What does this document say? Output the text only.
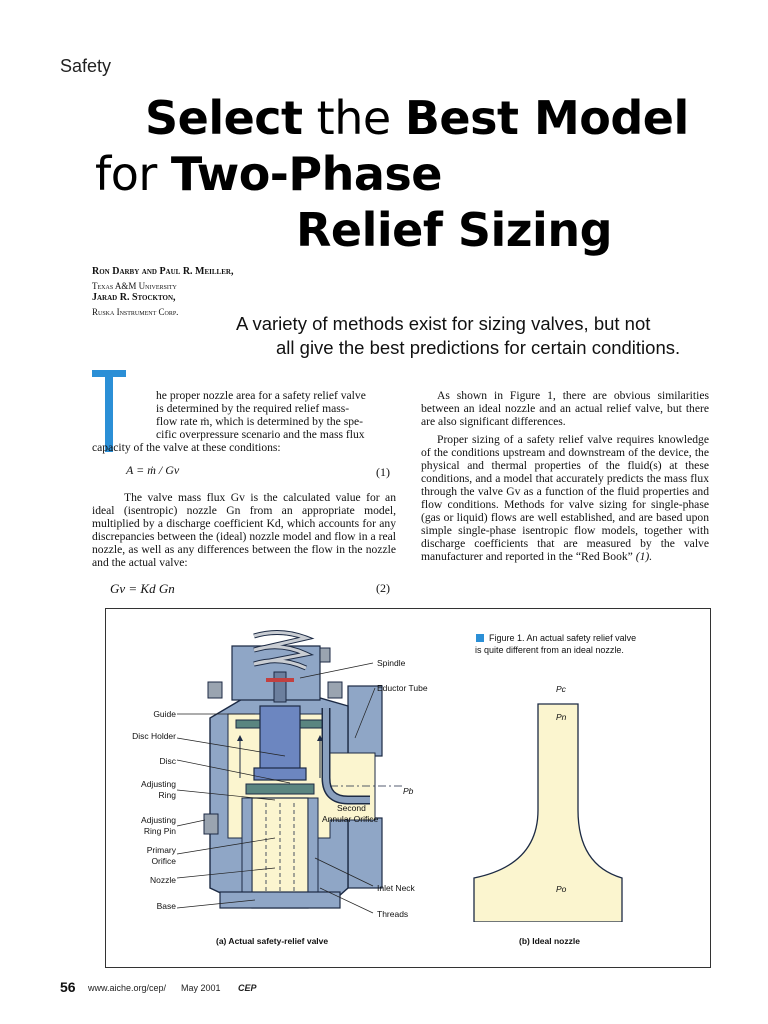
Safety
Select the Best Model
for Two-Phase
Relief Sizing
Ron Darby and Paul R. Meiller,
Texas A&M University
Jarad R. Stockton,
Ruska Instrument Corp.
A variety of methods exist for sizing valves, but not
all give the best predictions for certain conditions.
he proper nozzle area for a safety relief valve
is determined by the required relief mass-
flow rate ṁ, which is determined by the spe-
cific overpressure scenario and the mass flux
capacity of the valve at these conditions:
A = ṁ / Gv	(1)
The valve mass flux Gv is the calculated value for an ideal (isentropic) nozzle Gn from an appropriate model, multiplied by a discharge coefficient Kd, which accounts for any discrepancies between the (ideal) nozzle model and flow in a real nozzle, as well as any differences between the flow in the nozzle and the actual valve:
Gv = Kd Gn	(2)
As shown in Figure 1, there are obvious similarities between an ideal nozzle and an actual relief valve, but there are also significant differences.
Proper sizing of a safety relief valve requires knowledge of the conditions upstream and downstream of the device, the physical and thermal properties of the fluid(s) at these conditions, and a model that accurately predicts the mass flux through the valve Gv as a function of the fluid properties and flow conditions. Methods for valve sizing for single-phase (gas or liquid) flows are well established, and are based upon simple single-phase isentropic flow models, together with discharge coefficients that are measured by the valve manufacturer and reported in the “Red Book” (1).
Guide
Disc Holder
Disc
Adjusting
Ring
Adjusting
Ring Pin
Primary
Orifice
Nozzle
Base
Spindle
Eductor Tube
Second
Annular Orifice
Pb
Inlet Neck
Threads
Figure 1. An actual safety relief valve
is quite different from an ideal nozzle.
Pc
Pn
Po
(a) Actual safety-relief valve	(b) Ideal nozzle
56 www.aiche.org/cep/ May 2001 CEP
